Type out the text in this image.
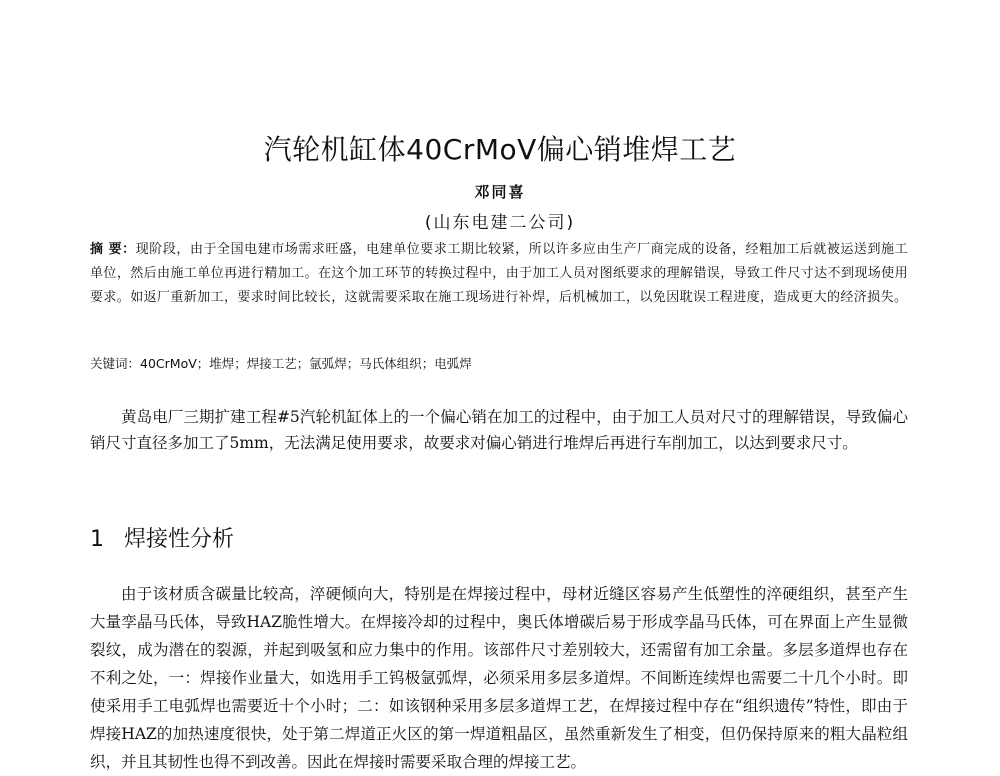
汽轮机缸体40CrMoV偏心销堆焊工艺
邓同喜
(山东电建二公司)
摘 要：现阶段，由于全国电建市场需求旺盛，电建单位要求工期比较紧，所以许多应由生产厂商完成的设备，经粗加工后就被运送到施工单位，然后由施工单位再进行精加工。在这个加工环节的转换过程中，由于加工人员对图纸要求的理解错误，导致工件尺寸达不到现场使用要求。如返厂重新加工，要求时间比较长，这就需要采取在施工现场进行补焊，后机械加工，以免因耽误工程进度，造成更大的经济损失。
关键词：40CrMoV；堆焊；焊接工艺；氩弧焊；马氏体组织；电弧焊

黄岛电厂三期扩建工程#5汽轮机缸体上的一个偏心销在加工的过程中，由于加工人员对尺寸的理解错误，导致偏心销尺寸直径多加工了5mm，无法满足使用要求，故要求对偏心销进行堆焊后再进行车削加工，以达到要求尺寸。

1 焊接性分析

由于该材质含碳量比较高，淬硬倾向大，特别是在焊接过程中，母材近缝区容易产生低塑性的淬硬组织，甚至产生大量孪晶马氏体，导致HAZ脆性增大。在焊接冷却的过程中，奥氏体增碳后易于形成孪晶马氏体，可在界面上产生显微裂纹，成为潜在的裂源，并起到吸氢和应力集中的作用。该部件尺寸差别较大，还需留有加工余量。多层多道焊也存在不利之处，一：焊接作业量大，如选用手工钨极氩弧焊，必须采用多层多道焊。不间断连续焊也需要二十几个小时。即使采用手工电弧焊也需要近十个小时；二：如该钢种采用多层多道焊工艺，在焊接过程中存在“组织遗传”特性，即由于焊接HAZ的加热速度很快，处于第二焊道正火区的第一焊道粗晶区，虽然重新发生了相变，但仍保持原来的粗大晶粒组织，并且其韧性也得不到改善。因此在焊接时需要采取合理的焊接工艺。
